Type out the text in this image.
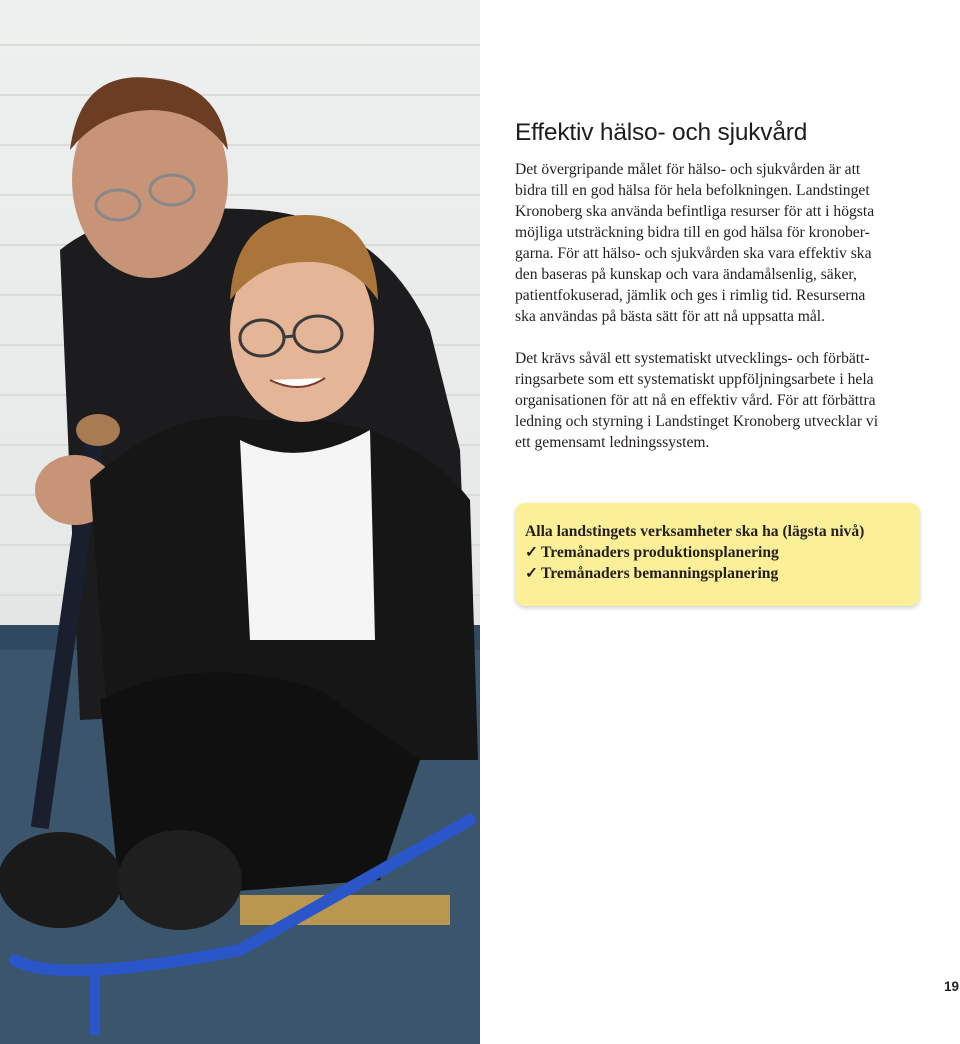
Effektiv hälso- och sjukvård

Det övergripande målet för hälso- och sjukvården är att
bidra till en god hälsa för hela befolkningen. Landstinget
Kronoberg ska använda befintliga resurser för att i högsta
möjliga utsträckning bidra till en god hälsa för kronober-
garna. För att hälso- och sjukvården ska vara effektiv ska
den baseras på kunskap och vara ändamålsenlig, säker,
patientfokuserad, jämlik och ges i rimlig tid. Resurserna
ska användas på bästa sätt för att nå uppsatta mål.

Det krävs såväl ett systematiskt utvecklings- och förbätt-
ringsarbete som ett systematiskt uppföljningsarbete i hela
organisationen för att nå en effektiv vård. För att förbättra
ledning och styrning i Landstinget Kronoberg utvecklar vi
ett gemensamt ledningssystem.

Alla landstingets verksamheter ska ha (lägsta nivå)

✓ Tremånaders produktionsplanering
✓ Tremånaders bemanningsplanering
19
